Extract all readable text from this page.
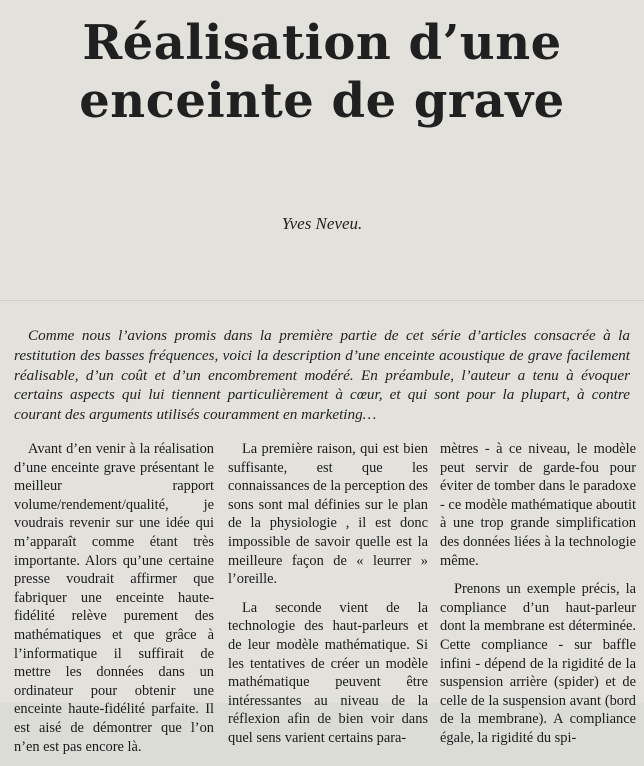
Réalisation d’une
enceinte de grave
Yves Neveu.

Comme nous l’avions promis dans la première partie de cet série d’articles consacrée à la restitution des basses fréquences, voici la description d’une enceinte acoustique de grave facilement réalisable, d’un coût et d’un encombrement modéré. En préambule, l’auteur a tenu à évoquer certains aspects qui lui tiennent particulièrement à cœur, et qui sont pour la plupart, à contre courant des arguments utilisés couramment en marketing…

Avant d’en venir à la réalisation d’une enceinte grave présentant le meilleur rapport volume/rendement/qualité, je voudrais revenir sur une idée qui m’apparaît comme étant très importante. Alors qu’une certaine presse voudrait affirmer que fabriquer une enceinte haute-fidélité relève purement des mathématiques et que grâce à l’informatique il suffirait de mettre les données dans un ordinateur pour obtenir une enceinte haute-fidélité parfaite. Il est aisé de démontrer que l’on n’en est pas encore là.

La première raison, qui est bien suffisante, est que les connaissances de la perception des sons sont mal définies sur le plan de la physiologie , il est donc impossible de savoir quelle est la meilleure façon de « leurrer » l’oreille.

La seconde vient de la technologie des haut-parleurs et de leur modèle mathématique. Si les tentatives de créer un modèle mathématique peuvent être intéressantes au niveau de la réflexion afin de bien voir dans quel sens varient certains para-

mètres - à ce niveau, le modèle peut servir de garde-fou pour éviter de tomber dans le paradoxe - ce modèle mathématique aboutit à une trop grande simplification des données liées à la technologie même.

Prenons un exemple précis, la compliance d’un haut-parleur dont la membrane est déterminée. Cette compliance - sur baffle infini - dépend de la rigidité de la suspension arrière (spider) et de celle de la suspension avant (bord de la membrane). A compliance égale, la rigidité du spi-
